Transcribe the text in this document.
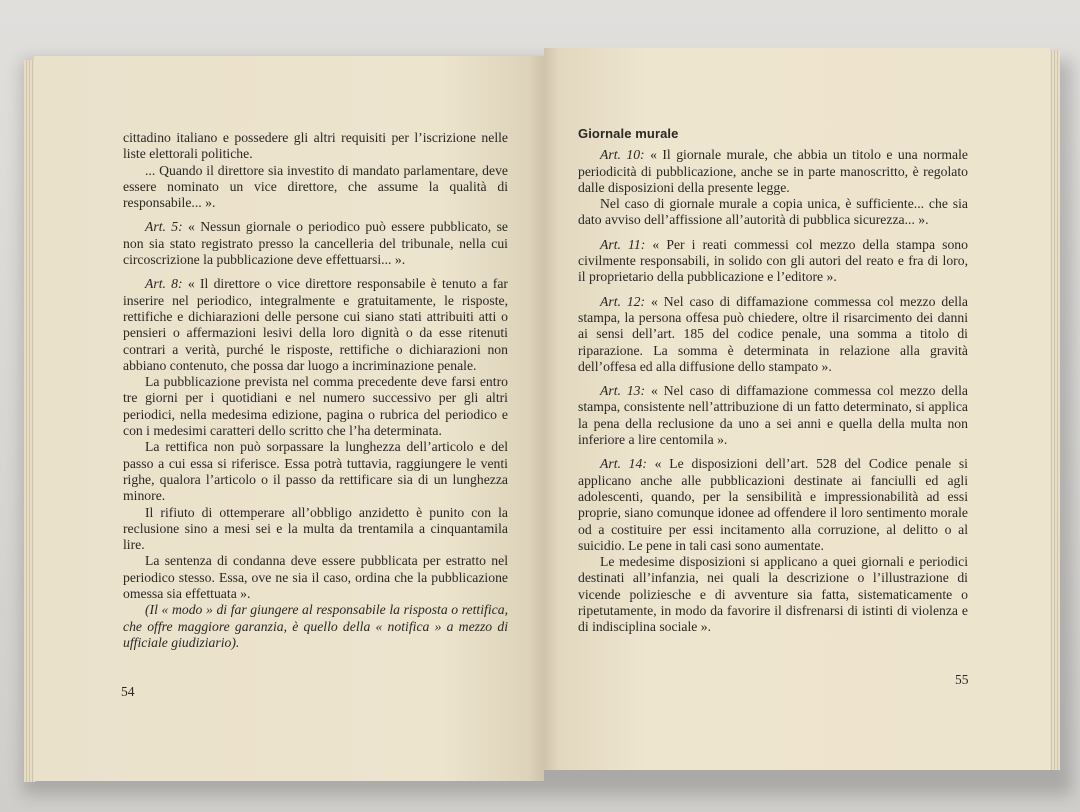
cittadino italiano e possedere gli altri requisiti per l’iscrizione nelle liste elettorali politiche.

... Quando il direttore sia investito di mandato parlamentare, deve essere nominato un vice direttore, che assume la qualità di responsabile... ».

Art. 5: « Nessun giornale o periodico può essere pubblicato, se non sia stato registrato presso la cancelleria del tribunale, nella cui circoscrizione la pubblicazione deve effettuarsi... ».

Art. 8: « Il direttore o vice direttore responsabile è tenuto a far inserire nel periodico, integralmente e gratuitamente, le risposte, rettifiche e dichiarazioni delle persone cui siano stati attribuiti atti o pensieri o affermazioni lesivi della loro dignità o da esse ritenuti contrari a verità, purché le risposte, rettifiche o dichiarazioni non abbiano contenuto, che possa dar luogo a incriminazione penale.

La pubblicazione prevista nel comma precedente deve farsi entro tre giorni per i quotidiani e nel numero successivo per gli altri periodici, nella medesima edizione, pagina o rubrica del periodico e con i medesimi caratteri dello scritto che l’ha determinata.

La rettifica non può sorpassare la lunghezza dell’articolo e del passo a cui essa si riferisce. Essa potrà tuttavia, raggiungere le venti righe, qualora l’articolo o il passo da rettificare sia di un lunghezza minore.

Il rifiuto di ottemperare all’obbligo anzidetto è punito con la reclusione sino a mesi sei e la multa da trentamila a cinquantamila lire.

La sentenza di condanna deve essere pubblicata per estratto nel periodico stesso. Essa, ove ne sia il caso, ordina che la pubblicazione omessa sia effettuata ».

(Il « modo » di far giungere al responsabile la risposta o rettifica, che offre maggiore garanzia, è quello della « notifica » a mezzo di ufficiale giudiziario).

54
Giornale murale

Art. 10: « Il giornale murale, che abbia un titolo e una normale periodicità di pubblicazione, anche se in parte manoscritto, è regolato dalle disposizioni della presente legge.

Nel caso di giornale murale a copia unica, è sufficiente... che sia dato avviso dell’affissione all’autorità di pubblica sicurezza... ».

Art. 11: « Per i reati commessi col mezzo della stampa sono civilmente responsabili, in solido con gli autori del reato e fra di loro, il proprietario della pubblicazione e l’editore ».

Art. 12: « Nel caso di diffamazione commessa col mezzo della stampa, la persona offesa può chiedere, oltre il risarcimento dei danni ai sensi dell’art. 185 del codice penale, una somma a titolo di riparazione. La somma è determinata in relazione alla gravità dell’offesa ed alla diffusione dello stampato ».

Art. 13: « Nel caso di diffamazione commessa col mezzo della stampa, consistente nell’attribuzione di un fatto determinato, si applica la pena della reclusione da uno a sei anni e quella della multa non inferiore a lire centomila ».

Art. 14: « Le disposizioni dell’art. 528 del Codice penale si applicano anche alle pubblicazioni destinate ai fanciulli ed agli adolescenti, quando, per la sensibilità e impressionabilità ad essi proprie, siano comunque idonee ad offendere il loro sentimento morale od a costituire per essi incitamento alla corruzione, al delitto o al suicidio. Le pene in tali casi sono aumentate.

Le medesime disposizioni si applicano a quei giornali e periodici destinati all’infanzia, nei quali la descrizione o l’illustrazione di vicende poliziesche e di avventure sia fatta, sistematicamente o ripetutamente, in modo da favorire il disfrenarsi di istinti di violenza e di indisciplina sociale ».

55
